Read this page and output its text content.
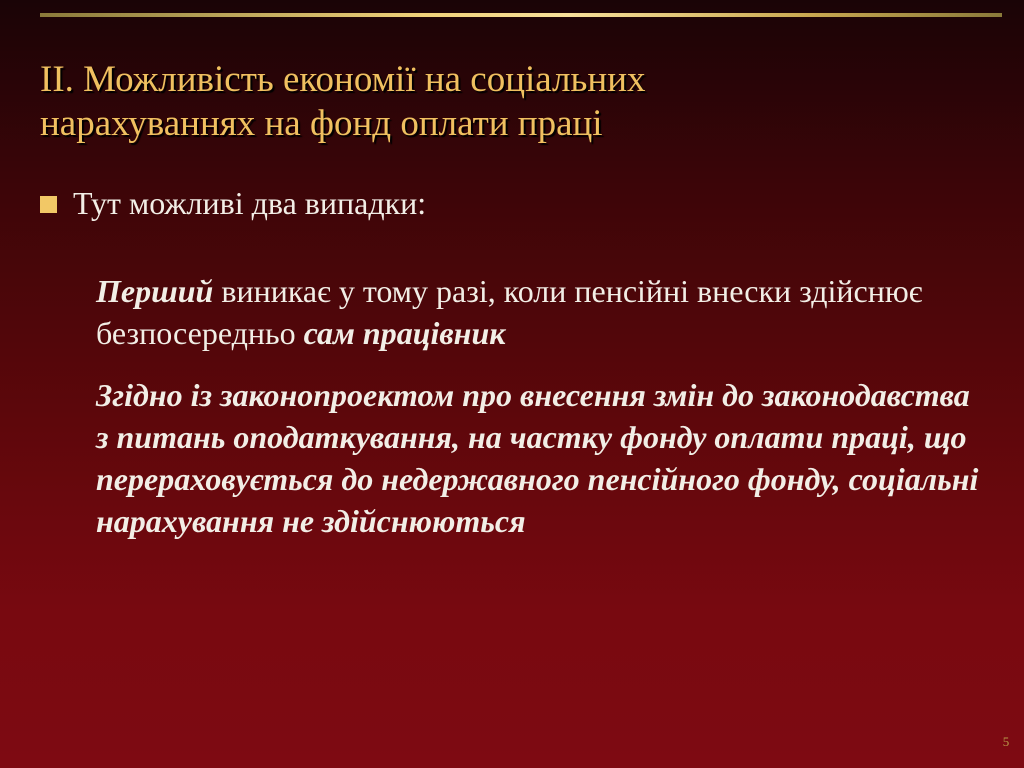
II. Можливість економії на соціальних
нарахуваннях на фонд оплати праці
Тут можливі два випадки:
Перший виникає у тому разі, коли пенсійні внески здійснює безпосередньо сам працівник
Згідно із законопроектом про внесення змін до законодавства з питань оподаткування, на частку фонду оплати праці, що перераховується до недержавного пенсійного фонду, соціальні нарахування не здійснюються
5
